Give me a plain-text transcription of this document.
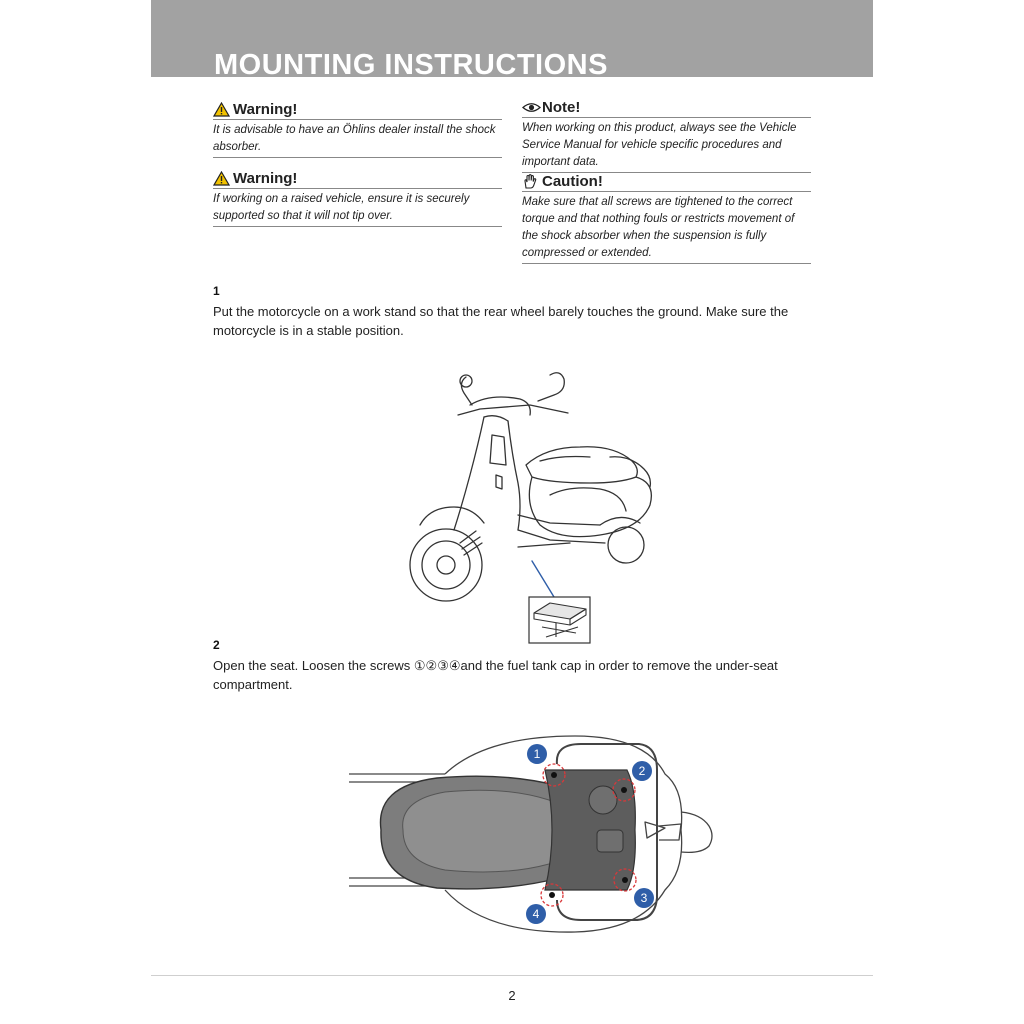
MOUNTING INSTRUCTIONS
Warning!
It is advisable to have an Öhlins dealer install the shock absorber.
Warning!
If working on a raised vehicle, ensure it is securely supported so that it will not tip over.
Note!
When working on this product, always see the Vehicle Service Manual for vehicle specific procedures and important data.
Caution!
Make sure that all screws are tightened to the correct torque and that nothing fouls or restricts movement of the shock absorber when the suspension is fully compressed or extended.
1
Put the motorcycle on a work stand so that the rear wheel barely touches the ground. Make sure the motorcycle is in a stable position.
2
Open the seat. Loosen the screws ①②③④and the fuel tank cap in order to remove the under-seat compartment.
1
2
3
4
2
